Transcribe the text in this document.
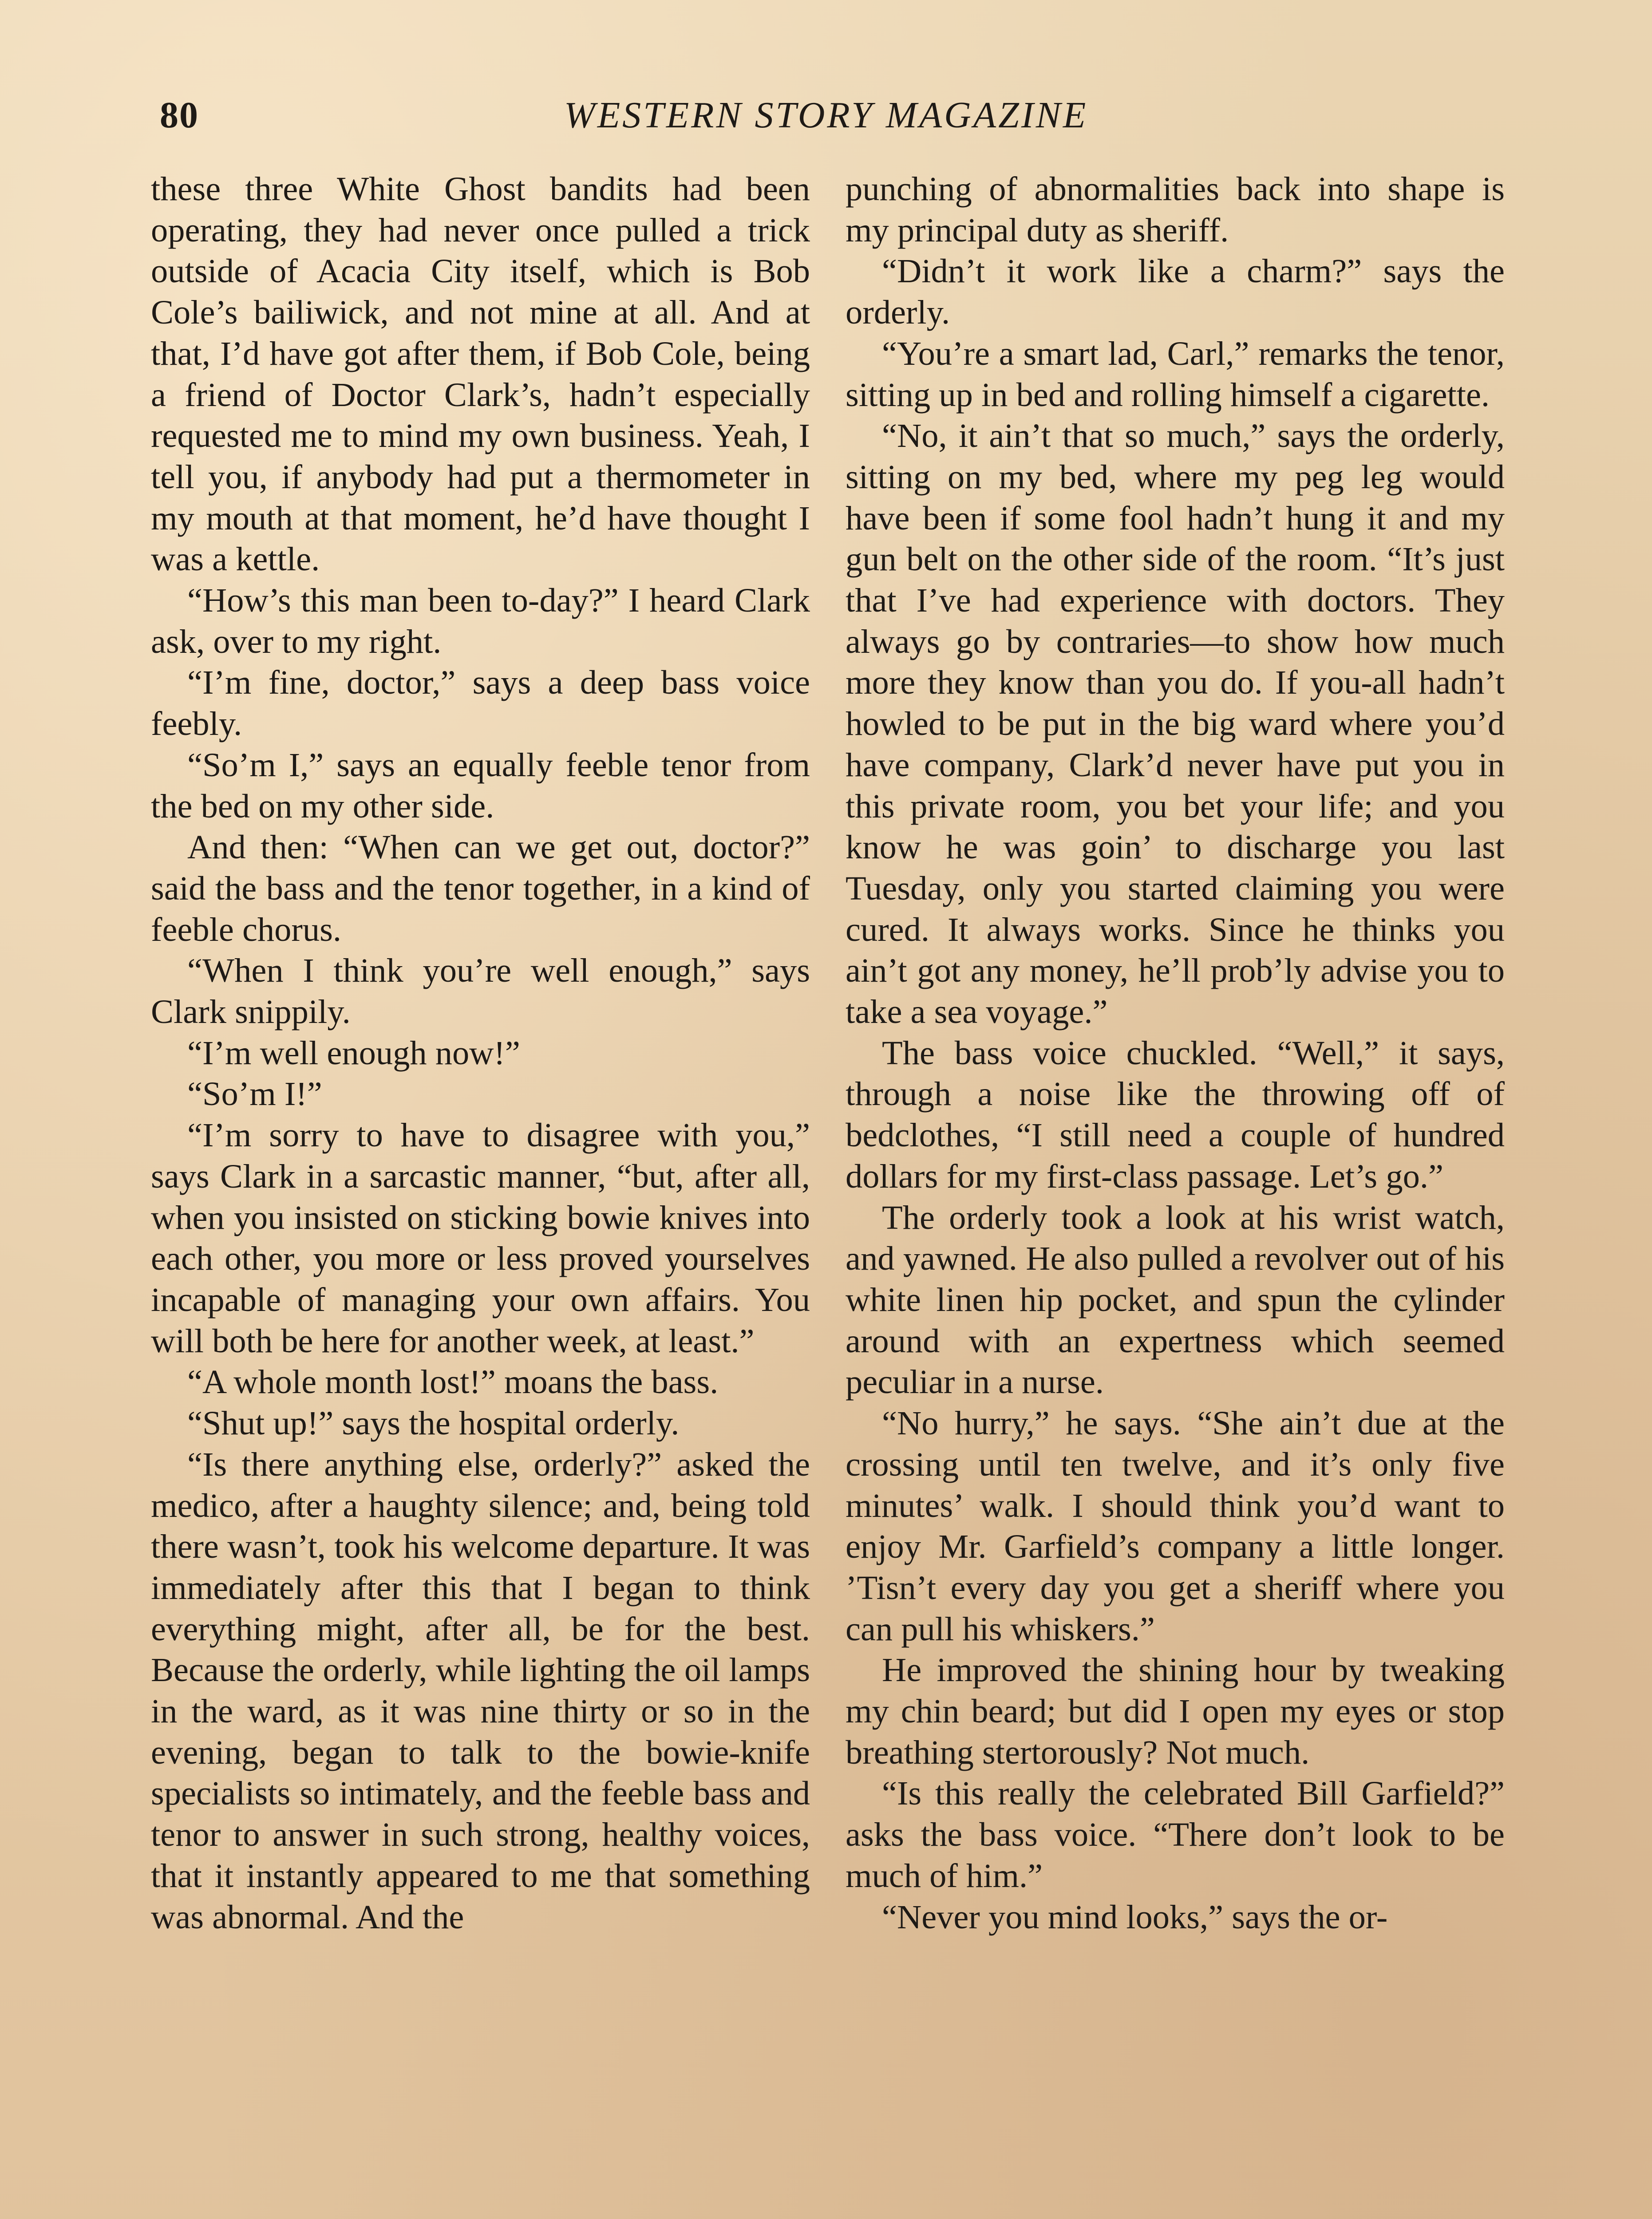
80	WESTERN STORY MAGAZINE

these three White Ghost bandits had been operating, they had never once pulled a trick outside of Acacia City itself, which is Bob Cole’s bailiwick, and not mine at all. And at that, I’d have got after them, if Bob Cole, being a friend of Doctor Clark’s, hadn’t especially requested me to mind my own business. Yeah, I tell you, if anybody had put a thermometer in my mouth at that moment, he’d have thought I was a kettle.

“How’s this man been to-day?” I heard Clark ask, over to my right.

“I’m fine, doctor,” says a deep bass voice feebly.

“So’m I,” says an equally feeble tenor from the bed on my other side.

And then: “When can we get out, doctor?” said the bass and the tenor together, in a kind of feeble chorus.

“When I think you’re well enough,” says Clark snippily.

“I’m well enough now!”

“So’m I!”

“I’m sorry to have to disagree with you,” says Clark in a sarcastic manner, “but, after all, when you insisted on sticking bowie knives into each other, you more or less proved yourselves incapable of managing your own affairs. You will both be here for another week, at least.”

“A whole month lost!” moans the bass.

“Shut up!” says the hospital orderly.

“Is there anything else, orderly?” asked the medico, after a haughty silence; and, being told there wasn’t, took his welcome departure. It was immediately after this that I began to think everything might, after all, be for the best. Because the orderly, while lighting the oil lamps in the ward, as it was nine thirty or so in the evening, began to talk to the bowie-knife specialists so intimately, and the feeble bass and tenor to answer in such strong, healthy voices, that it instantly appeared to me that something was abnormal. And the

punching of abnormalities back into shape is my principal duty as sheriff.

“Didn’t it work like a charm?” says the orderly.

“You’re a smart lad, Carl,” remarks the tenor, sitting up in bed and rolling himself a cigarette.

“No, it ain’t that so much,” says the orderly, sitting on my bed, where my peg leg would have been if some fool hadn’t hung it and my gun belt on the other side of the room. “It’s just that I’ve had experience with doctors. They always go by contraries—to show how much more they know than you do. If you-all hadn’t howled to be put in the big ward where you’d have company, Clark’d never have put you in this private room, you bet your life; and you know he was goin’ to discharge you last Tuesday, only you started claiming you were cured. It always works. Since he thinks you ain’t got any money, he’ll prob’ly advise you to take a sea voyage.”

The bass voice chuckled. “Well,” it says, through a noise like the throwing off of bedclothes, “I still need a couple of hundred dollars for my first-class passage. Let’s go.”

The orderly took a look at his wrist watch, and yawned. He also pulled a revolver out of his white linen hip pocket, and spun the cylinder around with an expertness which seemed peculiar in a nurse.

“No hurry,” he says. “She ain’t due at the crossing until ten twelve, and it’s only five minutes’ walk. I should think you’d want to enjoy Mr. Garfield’s company a little longer. ’Tisn’t every day you get a sheriff where you can pull his whiskers.”

He improved the shining hour by tweaking my chin beard; but did I open my eyes or stop breathing stertorously? Not much.

“Is this really the celebrated Bill Garfield?” asks the bass voice. “There don’t look to be much of him.”

“Never you mind looks,” says the or-
